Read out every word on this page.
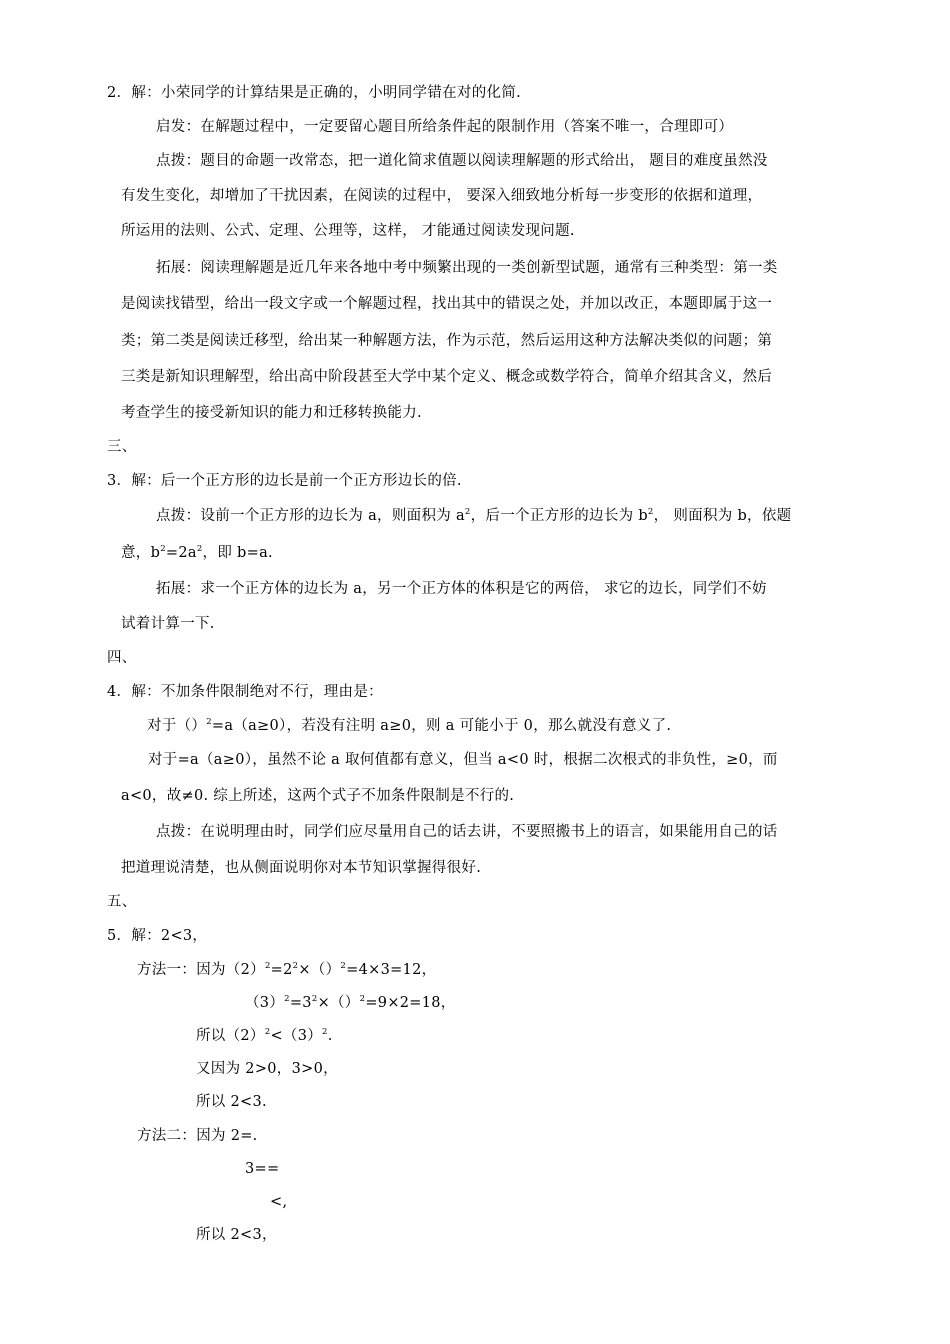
2．解：小荣同学的计算结果是正确的，小明同学错在对的化简.
启发：在解题过程中，一定要留心题目所给条件起的限制作用（答案不唯一，合理即可）
点拨：题目的命题一改常态，把一道化简求值题以阅读理解题的形式给出， 题目的难度虽然没
有发生变化，却增加了干扰因素，在阅读的过程中， 要深入细致地分析每一步变形的依据和道理，
所运用的法则、公式、定理、公理等，这样， 才能通过阅读发现问题.
拓展：阅读理解题是近几年来各地中考中频繁出现的一类创新型试题，通常有三种类型：第一类
是阅读找错型，给出一段文字或一个解题过程，找出其中的错误之处，并加以改正，本题即属于这一
类；第二类是阅读迁移型，给出某一种解题方法，作为示范，然后运用这种方法解决类似的问题；第
三类是新知识理解型，给出高中阶段甚至大学中某个定义、概念或数学符合，简单介绍其含义，然后
考查学生的接受新知识的能力和迁移转换能力.
三、
3．解：后一个正方形的边长是前一个正方形边长的倍.
点拨：设前一个正方形的边长为 a，则面积为 $a^2$，后一个正方形的边长为 $b^2$， 则面积为 b，依题
意，$b^2=2a^2$，即 b=a.
拓展：求一个正方体的边长为 a，另一个正方体的体积是它的两倍， 求它的边长，同学们不妨
试着计算一下.
四、
4．解：不加条件限制绝对不行，理由是：
对于（）$^2$=a（a≥0），若没有注明 a≥0，则 a 可能小于 0，那么就没有意义了.
对于=a（a≥0），虽然不论 a 取何值都有意义，但当 a<0 时，根据二次根式的非负性，≥0，而
a<0，故≠0. 综上所述，这两个式子不加条件限制是不行的.
点拨：在说明理由时，同学们应尽量用自己的话去讲，不要照搬书上的语言，如果能用自己的话
把道理说清楚，也从侧面说明你对本节知识掌握得很好.
五、
5．解：2<3，
方法一：因为$(2)^2=2^2\times()^2=4\times 3=12$，
$(3)^2=3^2\times()^2=9\times 2=18$，
所以$(2)^2<(3)^2$.
又因为 2>0，3>0，
所以 2<3.
方法二：因为 2=.
3==
<,
所以 2<3，
